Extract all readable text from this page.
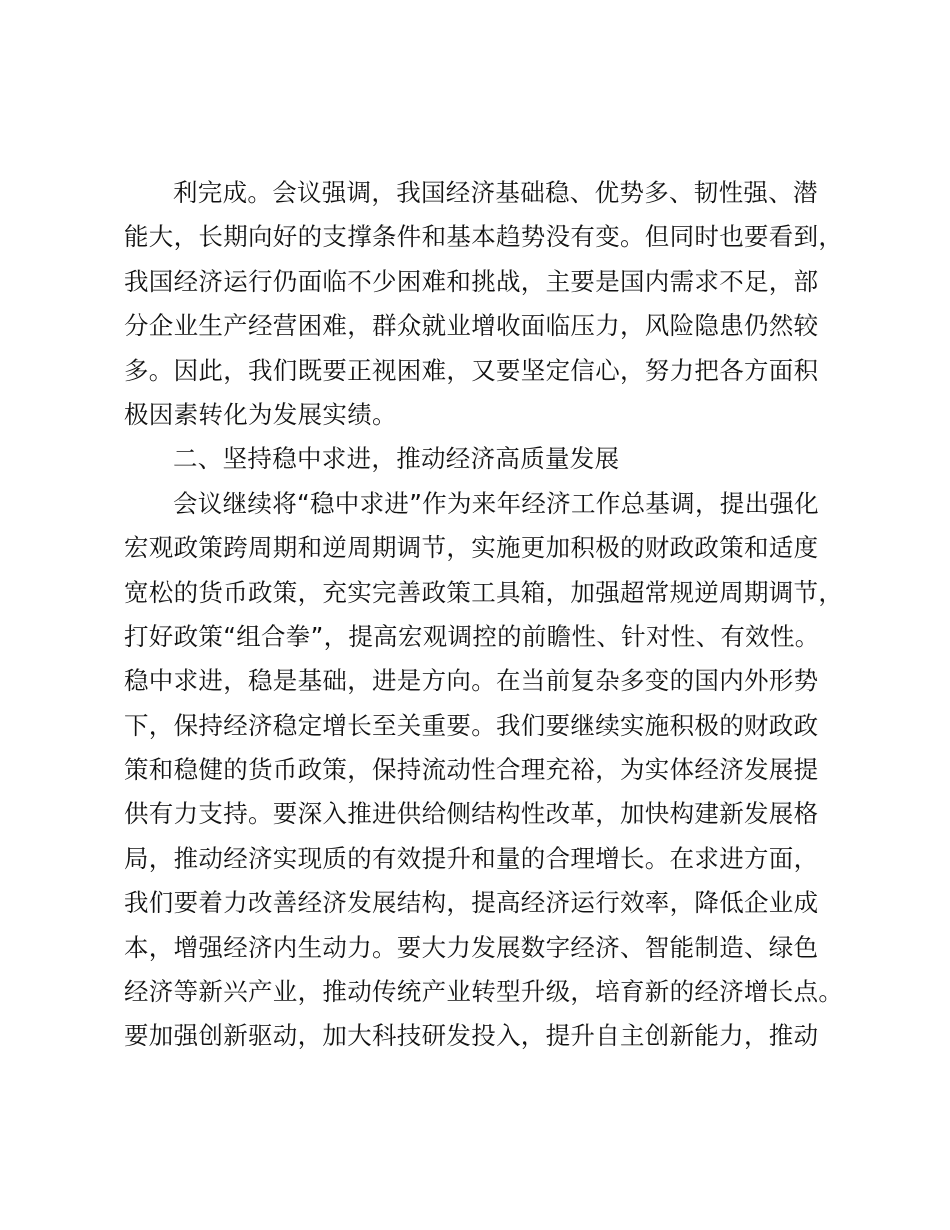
利完成。会议强调，我国经济基础稳、优势多、韧性强、潜
能大，长期向好的支撑条件和基本趋势没有变。但同时也要看到，
我国经济运行仍面临不少困难和挑战，主要是国内需求不足，部
分企业生产经营困难，群众就业增收面临压力，风险隐患仍然较
多。因此，我们既要正视困难，又要坚定信心，努力把各方面积
极因素转化为发展实绩。
二、坚持稳中求进，推动经济高质量发展
会议继续将“稳中求进”作为来年经济工作总基调，提出强化
宏观政策跨周期和逆周期调节，实施更加积极的财政政策和适度
宽松的货币政策，充实完善政策工具箱，加强超常规逆周期调节，
打好政策“组合拳”，提高宏观调控的前瞻性、针对性、有效性。
稳中求进，稳是基础，进是方向。在当前复杂多变的国内外形势
下，保持经济稳定增长至关重要。我们要继续实施积极的财政政
策和稳健的货币政策，保持流动性合理充裕，为实体经济发展提
供有力支持。要深入推进供给侧结构性改革，加快构建新发展格
局，推动经济实现质的有效提升和量的合理增长。在求进方面，
我们要着力改善经济发展结构，提高经济运行效率，降低企业成
本，增强经济内生动力。要大力发展数字经济、智能制造、绿色
经济等新兴产业，推动传统产业转型升级，培育新的经济增长点。
要加强创新驱动，加大科技研发投入，提升自主创新能力，推动
